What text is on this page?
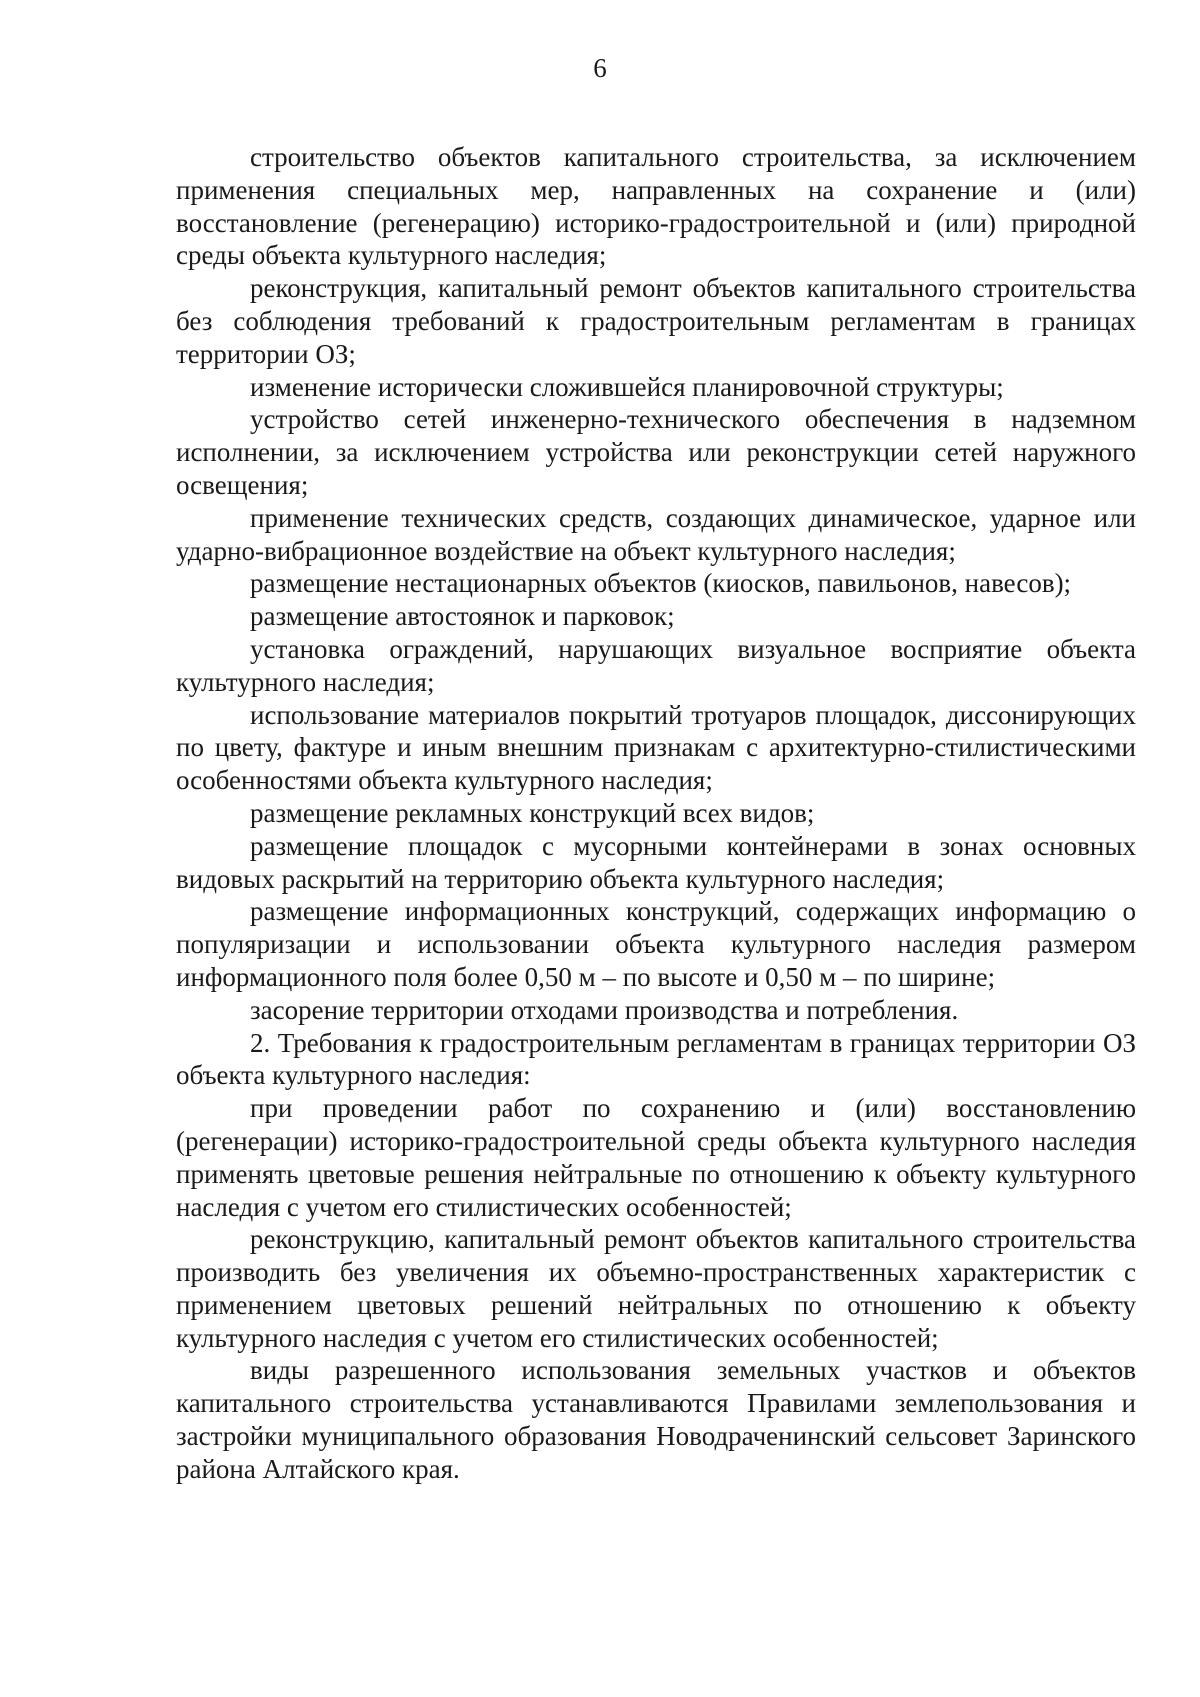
6

строительство объектов капитального строительства, за исключением применения специальных мер, направленных на сохранение и (или) восстановление (регенерацию) историко-градостроительной и (или) природной среды объекта культурного наследия;

реконструкция, капитальный ремонт объектов капитального строительства без соблюдения требований к градостроительным регламентам в границах территории ОЗ;

изменение исторически сложившейся планировочной структуры;

устройство сетей инженерно-технического обеспечения в надземном исполнении, за исключением устройства или реконструкции сетей наружного освещения;

применение технических средств, создающих динамическое, ударное или ударно-вибрационное воздействие на объект культурного наследия;

размещение нестационарных объектов (киосков, павильонов, навесов);

размещение автостоянок и парковок;

установка ограждений, нарушающих визуальное восприятие объекта культурного наследия;

использование материалов покрытий тротуаров площадок, диссонирующих по цвету, фактуре и иным внешним признакам с архитектурно-стилистическими особенностями объекта культурного наследия;

размещение рекламных конструкций всех видов;

размещение площадок с мусорными контейнерами в зонах основных видовых раскрытий на территорию объекта культурного наследия;

размещение информационных конструкций, содержащих информацию о популяризации и использовании объекта культурного наследия размером информационного поля более 0,50 м – по высоте и 0,50 м – по ширине;

засорение территории отходами производства и потребления.

2. Требования к градостроительным регламентам в границах территории ОЗ объекта культурного наследия:

при проведении работ по сохранению и (или) восстановлению (регенерации) историко-градостроительной среды объекта культурного наследия применять цветовые решения нейтральные по отношению к объекту культурного наследия с учетом его стилистических особенностей;

реконструкцию, капитальный ремонт объектов капитального строительства производить без увеличения их объемно-пространственных характеристик с применением цветовых решений нейтральных по отношению к объекту культурного наследия с учетом его стилистических особенностей;

виды разрешенного использования земельных участков и объектов капитального строительства устанавливаются Правилами землепользования и застройки муниципального образования Новодраченинский сельсовет Заринского района Алтайского края.
